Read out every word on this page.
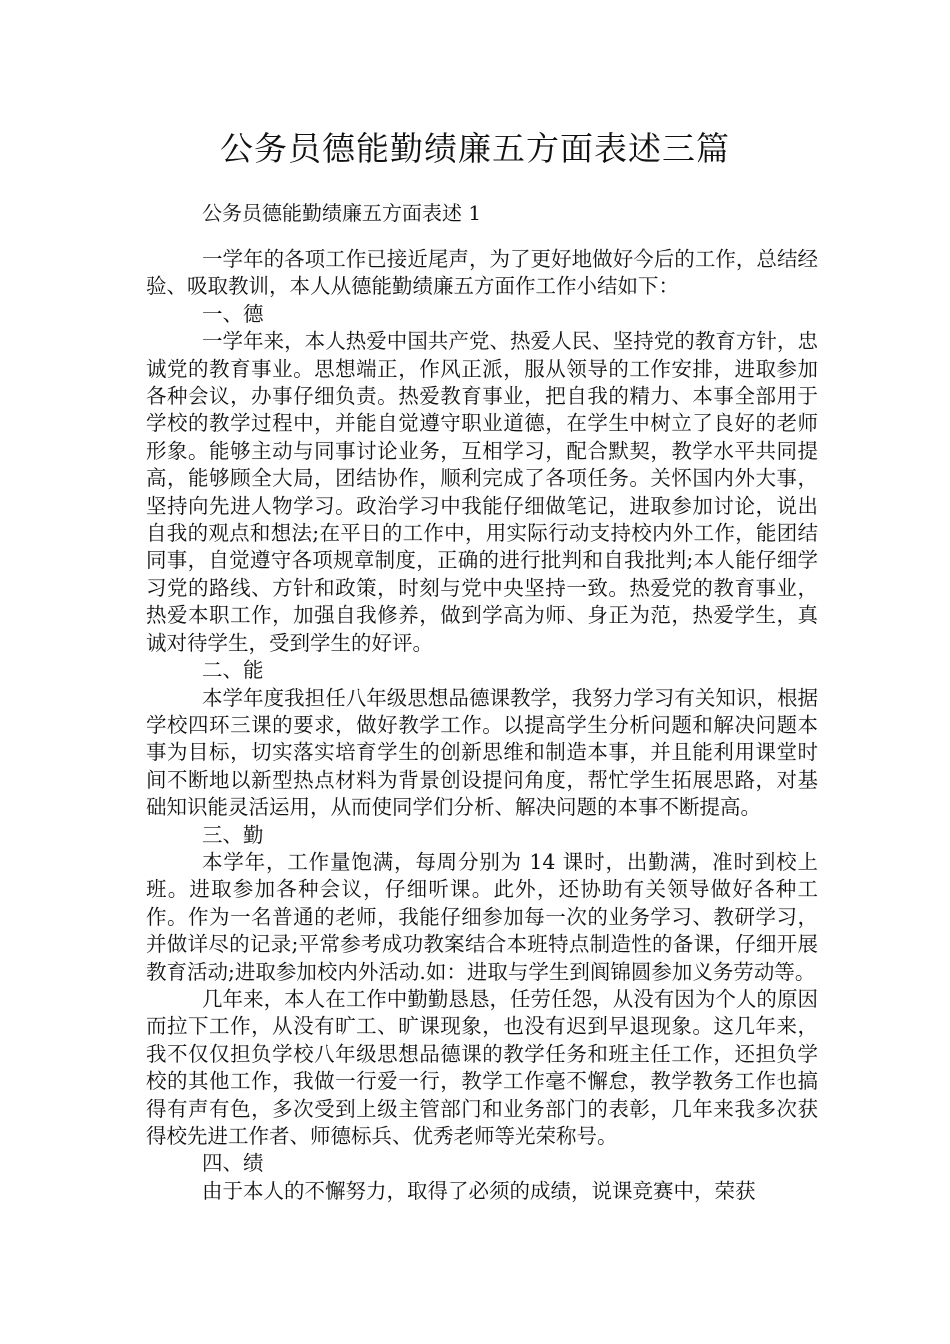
公务员德能勤绩廉五方面表述三篇

公务员德能勤绩廉五方面表述 1

一学年的各项工作已接近尾声，为了更好地做好今后的工作，总结经验、吸取教训，本人从德能勤绩廉五方面作工作小结如下：

一、德

一学年来，本人热爱中国共产党、热爱人民、坚持党的教育方针，忠诚党的教育事业。思想端正，作风正派，服从领导的工作安排，进取参加各种会议，办事仔细负责。热爱教育事业，把自我的精力、本事全部用于学校的教学过程中，并能自觉遵守职业道德，在学生中树立了良好的老师形象。能够主动与同事讨论业务，互相学习，配合默契，教学水平共同提高，能够顾全大局，团结协作，顺利完成了各项任务。关怀国内外大事，坚持向先进人物学习。政治学习中我能仔细做笔记，进取参加讨论，说出自我的观点和想法;在平日的工作中，用实际行动支持校内外工作，能团结同事，自觉遵守各项规章制度，正确的进行批判和自我批判;本人能仔细学习党的路线、方针和政策，时刻与党中央坚持一致。热爱党的教育事业，热爱本职工作，加强自我修养，做到学高为师、身正为范，热爱学生，真诚对待学生，受到学生的好评。

二、能

本学年度我担任八年级思想品德课教学，我努力学习有关知识，根据学校四环三课的要求，做好教学工作。以提高学生分析问题和解决问题本事为目标，切实落实培育学生的创新思维和制造本事，并且能利用课堂时间不断地以新型热点材料为背景创设提问角度，帮忙学生拓展思路，对基础知识能灵活运用，从而使同学们分析、解决问题的本事不断提高。

三、勤

本学年，工作量饱满，每周分别为 14 课时，出勤满，准时到校上班。进取参加各种会议，仔细听课。此外，还协助有关领导做好各种工作。作为一名普通的老师，我能仔细参加每一次的业务学习、教研学习，并做详尽的记录;平常参考成功教案结合本班特点制造性的备课，仔细开展教育活动;进取参加校内外活动.如：进取与学生到阆锦圆参加义务劳动等。

几年来，本人在工作中勤勤恳恳，任劳任怨，从没有因为个人的原因而拉下工作，从没有旷工、旷课现象，也没有迟到早退现象。这几年来，我不仅仅担负学校八年级思想品德课的教学任务和班主任工作，还担负学校的其他工作，我做一行爱一行，教学工作毫不懈怠，教学教务工作也搞得有声有色，多次受到上级主管部门和业务部门的表彰，几年来我多次获得校先进工作者、师德标兵、优秀老师等光荣称号。

四、绩

由于本人的不懈努力，取得了必须的成绩，说课竞赛中，荣获
